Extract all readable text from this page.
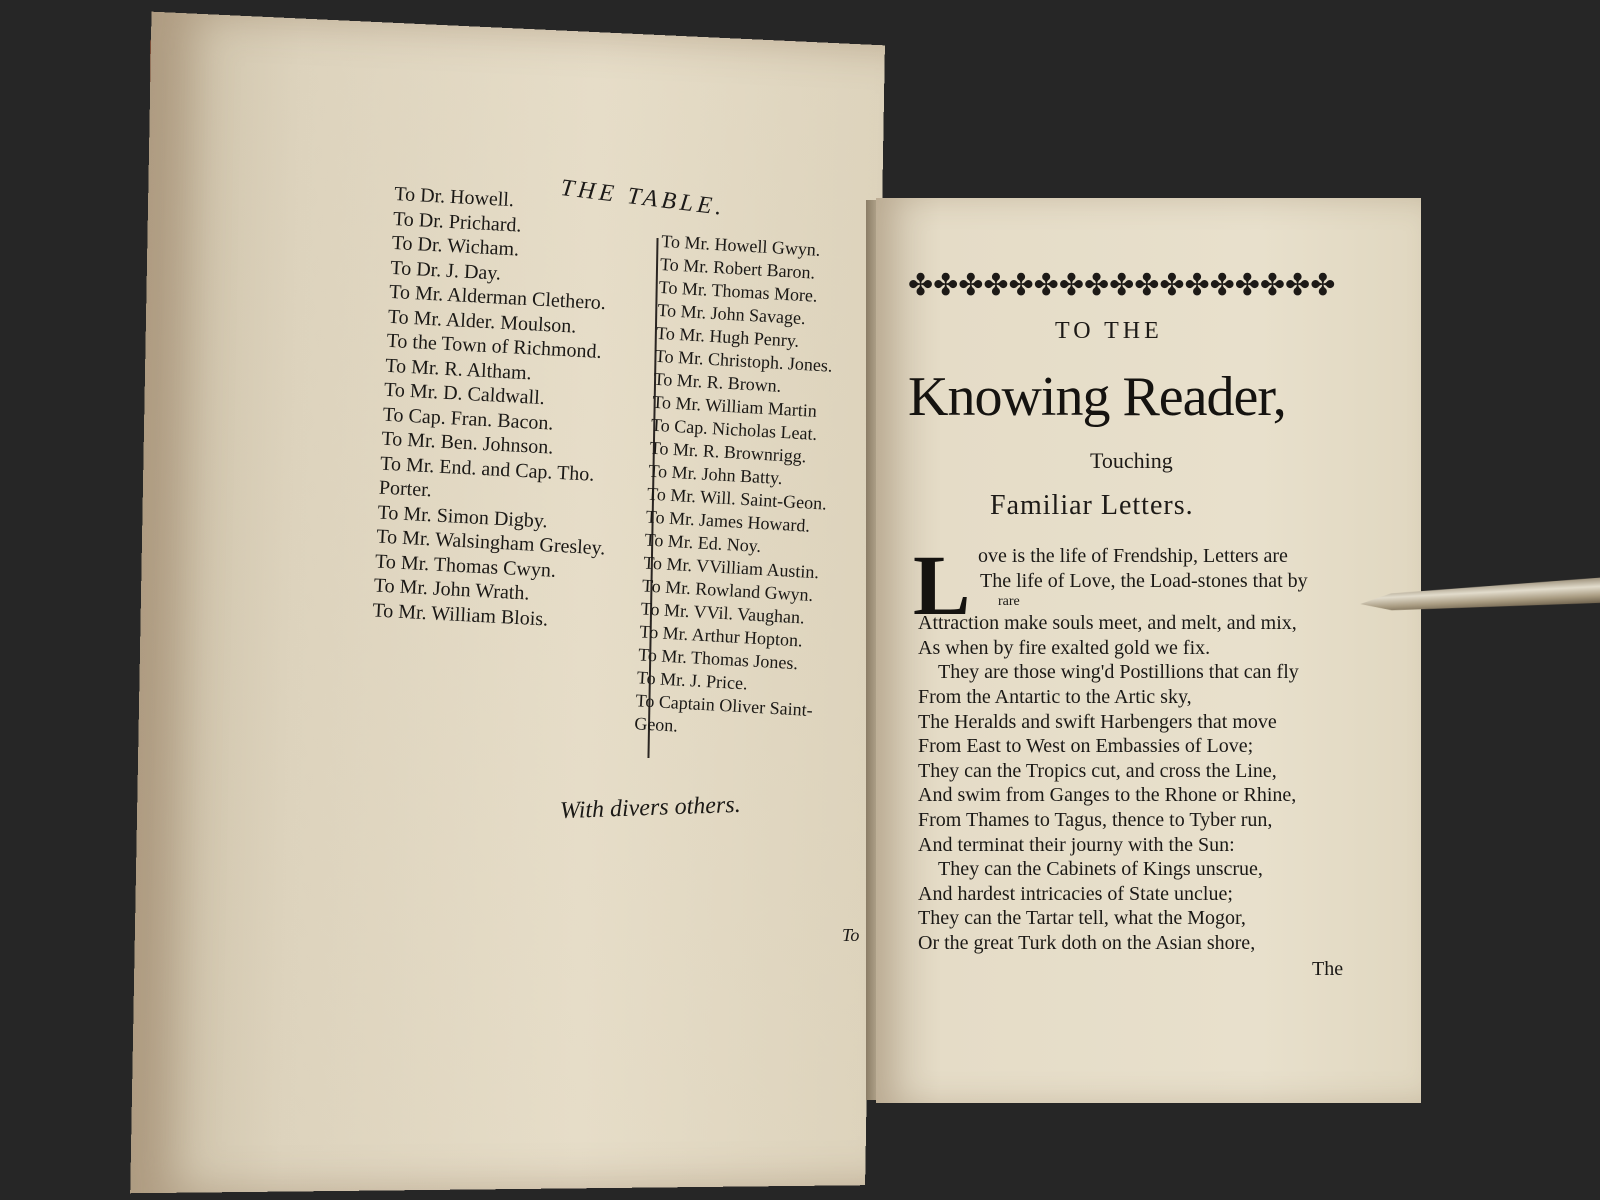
THE TABLE.
To Dr. Howell.
To Dr. Prichard.
To Dr. Wicham.
To Dr. J. Day.
To Mr. Alderman Clethero.
To Mr. Alder. Moulson.
To the Town of Richmond.
To Mr. R. Altham.
To Mr. D. Caldwall.
To Cap. Fran. Bacon.
To Mr. Ben. Johnson.
To Mr. End. and Cap. Tho. Porter.
To Mr. Simon Digby.
To Mr. Walsingham Gresley.
To Mr. Thomas Cwyn.
To Mr. John Wrath.
To Mr. William Blois.
To Mr. Howell Gwyn.
To Mr. Robert Baron.
To Mr. Thomas More.
To Mr. John Savage.
To Mr. Hugh Penry.
To Mr. Christoph. Jones.
To Mr. R. Brown.
To Mr. William Martin
To Cap. Nicholas Leat.
To Mr. R. Brownrigg.
To Mr. John Batty.
To Mr. Will. Saint-Geon.
To Mr. James Howard.
To Mr. Ed. Noy.
To Mr. VVilliam Austin.
To Mr. Rowland Gwyn.
To Mr. VVil. Vaughan.
To Mr. Arthur Hopton.
To Mr. Thomas Jones.
To Mr. J. Price.
To Captain Oliver Saint-Geon.
With divers others.
To
✤✤✤✤✤✤✤✤✤✤✤✤✤✤✤✤✤
TO THE
Knowing Reader,
Touching
Familiar Letters.
L ove is the life of Frendship, Letters are
The life of Love, the Load-stones that by
rare
Attraction make souls meet, and melt, and mix,
As when by fire exalted gold we fix.
They are those wing'd Postillions that can fly
From the Antartic to the Artic sky,
The Heralds and swift Harbengers that move
From East to West on Embassies of Love;
They can the Tropics cut, and cross the Line,
And swim from Ganges to the Rhone or Rhine,
From Thames to Tagus, thence to Tyber run,
And terminat their journy with the Sun:
They can the Cabinets of Kings unscrue,
And hardest intricacies of State unclue;
They can the Tartar tell, what the Mogor,
Or the great Turk doth on the Asian shore,
The
